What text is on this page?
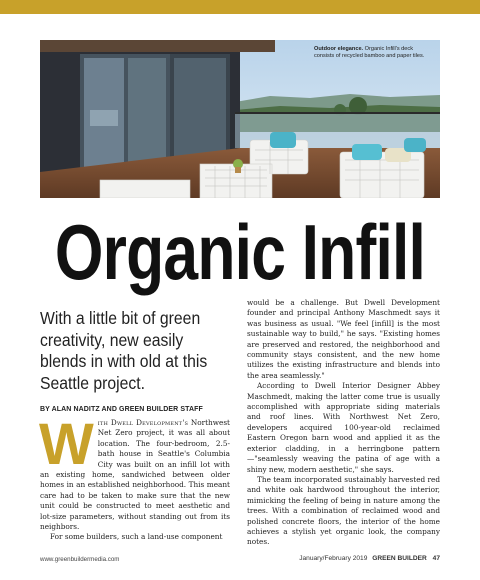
Outdoor elegance. Organic Infill's deck consists of recycled bamboo and paper tiles.
Organic Infill
With a little bit of green creativity, new easily blends in with old at this Seattle project.
BY ALAN NADITZ AND GREEN BUILDER STAFF

With Dwell Development's Northwest Net Zero project, it was all about location. The four-bedroom, 2.5-bath house in Seattle's Columbia City was built on an infill lot with an existing home, sandwiched between older homes in an established neighborhood. This meant care had to be taken to make sure that the new unit could be constructed to meet aesthetic and lot-size parameters, without standing out from its neighbors.

For some builders, such a land-use component

would be a challenge. But Dwell Development founder and principal Anthony Maschmedt says it was business as usual. "We feel [infill] is the most sustainable way to build," he says. "Existing homes are preserved and restored, the neighborhood and community stays consistent, and the new home utilizes the existing infrastructure and blends into the area seamlessly."

According to Dwell Interior Designer Abbey Maschmedt, making the latter come true is usually accomplished with appropriate siding materials and roof lines. With Northwest Net Zero, developers acquired 100-year-old reclaimed Eastern Oregon barn wood and applied it as the exterior cladding, in a herringbone pattern—"seamlessly weaving the patina of age with a shiny new, modern aesthetic," she says.

The team incorporated sustainably harvested red and white oak hardwood throughout the interior, mimicking the feeling of being in nature among the trees. With a combination of reclaimed wood and polished concrete floors, the interior of the home achieves a stylish yet organic look, the company notes.

www.greenbuildermedia.com	January/February 2019 GREEN BUILDER 47
